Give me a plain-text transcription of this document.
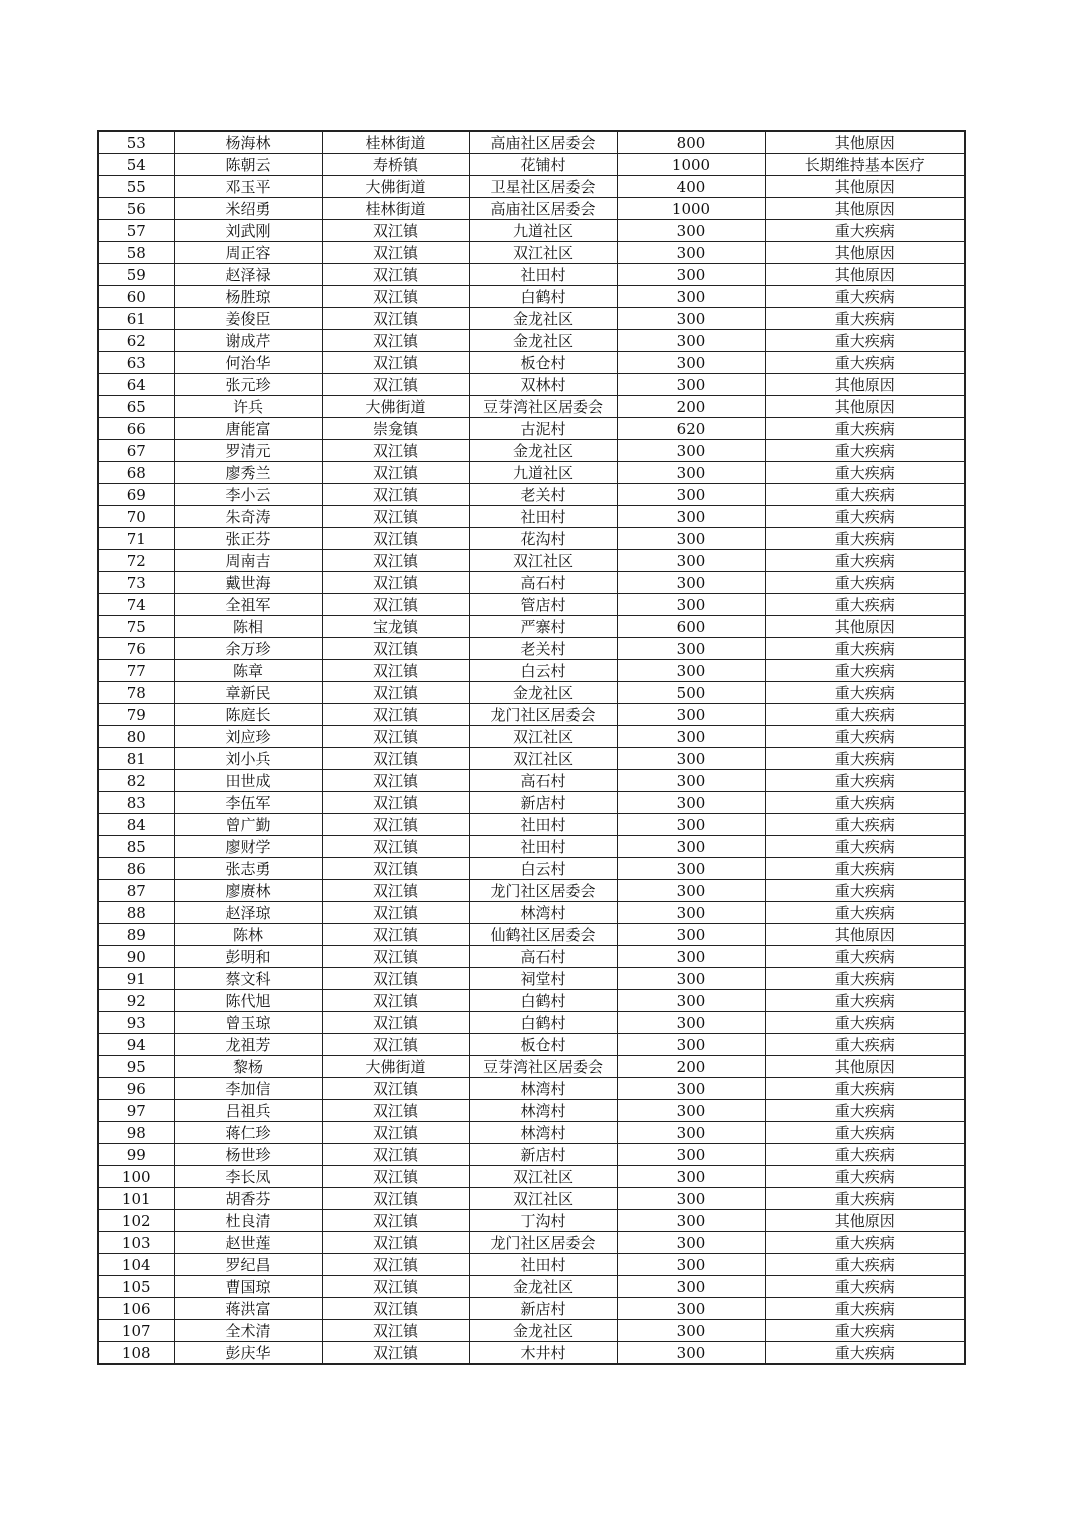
53	杨海林	桂林街道	高庙社区居委会	800	其他原因
54	陈朝云	寿桥镇	花铺村	1000	长期维持基本医疗
55	邓玉平	大佛街道	卫星社区居委会	400	其他原因
56	米绍勇	桂林街道	高庙社区居委会	1000	其他原因
57	刘武刚	双江镇	九道社区	300	重大疾病
58	周正容	双江镇	双江社区	300	其他原因
59	赵泽禄	双江镇	社田村	300	其他原因
60	杨胜琼	双江镇	白鹤村	300	重大疾病
61	姜俊臣	双江镇	金龙社区	300	重大疾病
62	谢成芹	双江镇	金龙社区	300	重大疾病
63	何治华	双江镇	板仓村	300	重大疾病
64	张元珍	双江镇	双林村	300	其他原因
65	许兵	大佛街道	豆芽湾社区居委会	200	其他原因
66	唐能富	崇龛镇	古泥村	620	重大疾病
67	罗清元	双江镇	金龙社区	300	重大疾病
68	廖秀兰	双江镇	九道社区	300	重大疾病
69	李小云	双江镇	老关村	300	重大疾病
70	朱奇涛	双江镇	社田村	300	重大疾病
71	张正芬	双江镇	花沟村	300	重大疾病
72	周南吉	双江镇	双江社区	300	重大疾病
73	戴世海	双江镇	高石村	300	重大疾病
74	全祖军	双江镇	管店村	300	重大疾病
75	陈相	宝龙镇	严寨村	600	其他原因
76	余万珍	双江镇	老关村	300	重大疾病
77	陈章	双江镇	白云村	300	重大疾病
78	章新民	双江镇	金龙社区	500	重大疾病
79	陈庭长	双江镇	龙门社区居委会	300	重大疾病
80	刘应珍	双江镇	双江社区	300	重大疾病
81	刘小兵	双江镇	双江社区	300	重大疾病
82	田世成	双江镇	高石村	300	重大疾病
83	李伍军	双江镇	新店村	300	重大疾病
84	曾广勤	双江镇	社田村	300	重大疾病
85	廖财学	双江镇	社田村	300	重大疾病
86	张志勇	双江镇	白云村	300	重大疾病
87	廖赓林	双江镇	龙门社区居委会	300	重大疾病
88	赵泽琼	双江镇	林湾村	300	重大疾病
89	陈林	双江镇	仙鹤社区居委会	300	其他原因
90	彭明和	双江镇	高石村	300	重大疾病
91	蔡文科	双江镇	祠堂村	300	重大疾病
92	陈代旭	双江镇	白鹤村	300	重大疾病
93	曾玉琼	双江镇	白鹤村	300	重大疾病
94	龙祖芳	双江镇	板仓村	300	重大疾病
95	黎杨	大佛街道	豆芽湾社区居委会	200	其他原因
96	李加信	双江镇	林湾村	300	重大疾病
97	吕祖兵	双江镇	林湾村	300	重大疾病
98	蒋仁珍	双江镇	林湾村	300	重大疾病
99	杨世珍	双江镇	新店村	300	重大疾病
100	李长凤	双江镇	双江社区	300	重大疾病
101	胡香芬	双江镇	双江社区	300	重大疾病
102	杜良清	双江镇	丁沟村	300	其他原因
103	赵世莲	双江镇	龙门社区居委会	300	重大疾病
104	罗纪昌	双江镇	社田村	300	重大疾病
105	曹国琼	双江镇	金龙社区	300	重大疾病
106	蒋洪富	双江镇	新店村	300	重大疾病
107	全术清	双江镇	金龙社区	300	重大疾病
108	彭庆华	双江镇	木井村	300	重大疾病
